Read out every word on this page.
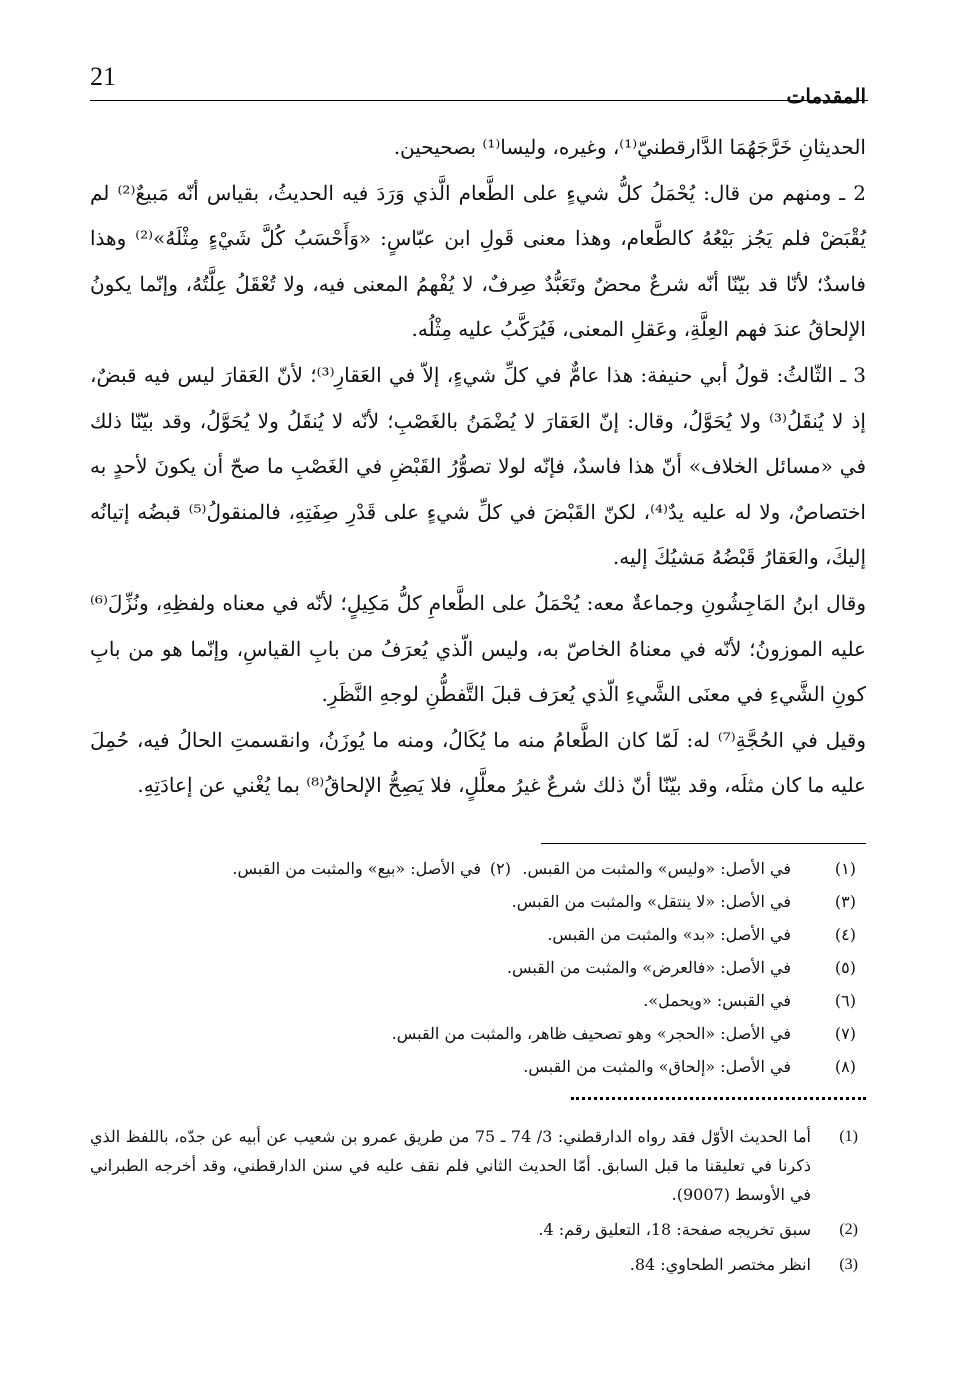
21
المقدمات

الحديثانِ خَرَّجَهُمَا الدَّارقطنيّ⁽¹⁾، وغيره، وليسا⁽¹⁾ بصحيحين.

2 ـ ومنهم من قال: يُحْمَلُ كلُّ شيءٍ على الطَّعام الَّذي وَرَدَ فيه الحديثُ، بقياس أنّه مَبيعٌ⁽²⁾ لم يُقْبَضْ فلم يَجُز بَيْعُهُ كالطَّعام، وهذا معنى قَولِ ابن عبّاسٍ: «وَأَحْسَبُ كُلَّ شَيْءٍ مِثْلَهُ»⁽²⁾ وهذا فاسدٌ؛ لأنّا قد بيّنّا أنّه شرعٌ محضٌ وتَعَبُّدٌ صِرفٌ، لا يُفْهمُ المعنى فيه، ولا تُعْقَلُ عِلَّتُهُ، وإنّما يكونُ الإلحاقُ عندَ فهم العِلَّةِ، وعَقلِ المعنى، فَيُرَكَّبُ عليه مِثْلُه.

3 ـ الثّالثُ: قولُ أبي حنيفة: هذا عامٌّ في كلِّ شيءٍ، إلاّ في العَقارِ⁽³⁾؛ لأنّ العَقارَ ليس فيه قبضٌ، إذ لا يُنقَلُ⁽³⁾ ولا يُحَوَّلُ، وقال: إنّ العَقارَ لا يُضْمَنُ بالغَصْبِ؛ لأنّه لا يُنقَلُ ولا يُحَوَّلُ، وقد بيّنّا ذلك في «مسائل الخلاف» أنّ هذا فاسدٌ، فإنّه لولا تصوُّرُ القَبْضِ في الغَصْبِ ما صحّ أن يكونَ لأحدٍ به اختصاصٌ، ولا له عليه يدٌ⁽⁴⁾، لكنّ القَبْضَ في كلِّ شيءٍ على قَدْرِ صِفَتِهِ، فالمنقولُ⁽⁵⁾ قبضُه إتيانُه إليكَ، والعَقارُ قَبْضُهُ مَشيُكَ إليه.

وقال ابنُ المَاجِشُونِ وجماعةٌ معه: يُحْمَلُ على الطَّعامِ كلُّ مَكِيلٍ؛ لأنّه في معناه ولفظِهِ، ونُزِّلَ⁽⁶⁾ عليه الموزونُ؛ لأنّه في معناهُ الخاصّ به، وليس الّذي يُعرَفُ من بابِ القياسِ، وإنّما هو من بابِ كونِ الشَّيءِ في معنَى الشَّيءِ الّذي يُعرَف قبلَ التَّفطُّنِ لوجهِ النَّظَرِ.

وقيل في الحُجَّةِ⁽⁷⁾ له: لَمّا كان الطَّعامُ منه ما يُكَالُ، ومنه ما يُوزَنُ، وانقسمتِ الحالُ فيه، حُمِلَ عليه ما كان مثلَه، وقد بيّنّا أنّ ذلك شرعٌ غيرُ معلَّلٍ، فلا يَصِحُّ الإلحاقُ⁽⁸⁾ بما يُغْني عن إعادَتِهِ.

(١)
في الأصل: «وليس» والمثبت من القبس.
في الأصل: «بيع» والمثبت من القبس. (٢)
(٣)
في الأصل: «لا ينتقل» والمثبت من القبس.
(٤)
في الأصل: «بد» والمثبت من القبس.
(٥)
في الأصل: «فالعرض» والمثبت من القبس.
(٦)
في القبس: «ويحمل».
(٧)
في الأصل: «الحجر» وهو تصحيف ظاهر، والمثبت من القبس.
(٨)
في الأصل: «إلحاق» والمثبت من القبس.
(1)
أما الحديث الأوّل فقد رواه الدارقطني: 3/ 74 ـ 75 من طريق عمرو بن شعيب عن أبيه عن جدّه، باللفظ الذي ذكرنا في تعليقنا ما قبل السابق. أمّا الحديث الثاني فلم نقف عليه في سنن الدارقطني، وقد أخرجه الطبراني في الأوسط (9007).
(2)
سبق تخريجه صفحة: 18، التعليق رقم: 4.
(3)
انظر مختصر الطحاوي: 84.
